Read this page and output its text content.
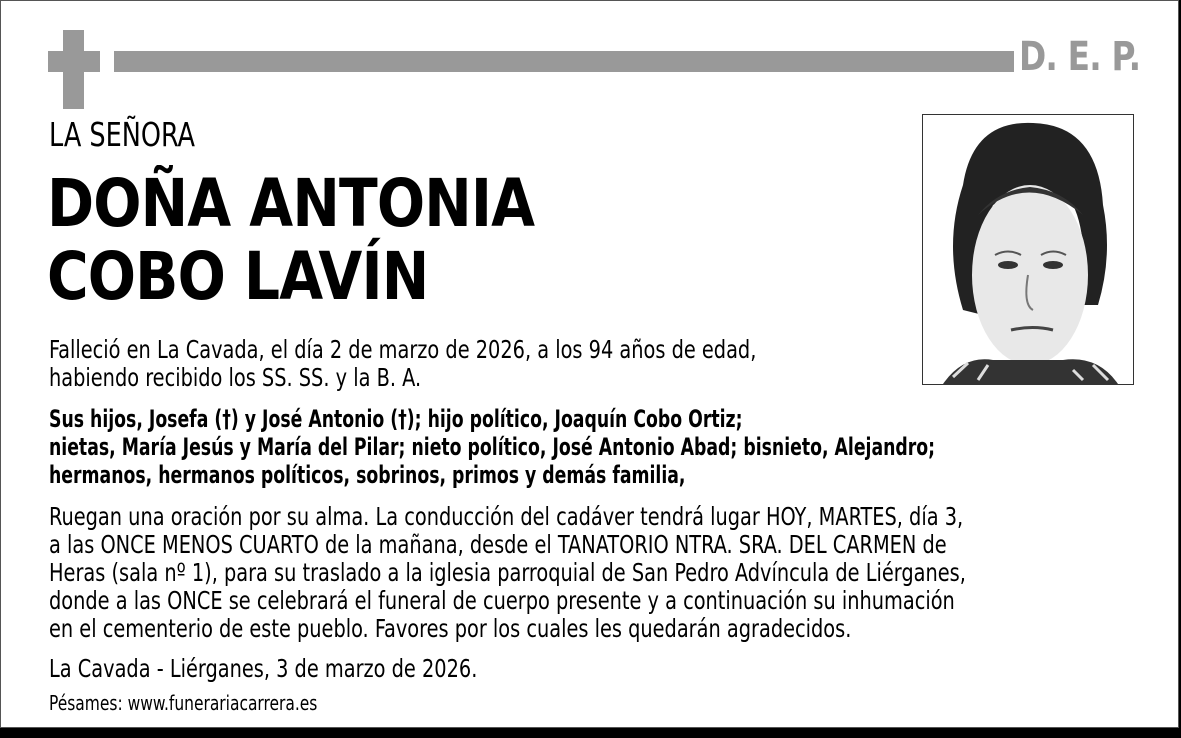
D. E. P.
LA SEÑORA
DOÑA ANTONIA
COBO LAVÍN
Falleció en La Cavada, el día 2 de marzo de 2026, a los 94 años de edad,
habiendo recibido los SS. SS. y la B. A.
Sus hijos, Josefa (†) y José Antonio (†); hijo político, Joaquín Cobo Ortiz;
nietas, María Jesús y María del Pilar; nieto político, José Antonio Abad; bisnieto, Alejandro;
hermanos, hermanos políticos, sobrinos, primos y demás familia,
Ruegan una oración por su alma. La conducción del cadáver tendrá lugar HOY, MARTES, día 3,
a las ONCE MENOS CUARTO de la mañana, desde el TANATORIO NTRA. SRA. DEL CARMEN de
Heras (sala nº 1), para su traslado a la iglesia parroquial de San Pedro Advíncula de Liérganes,
donde a las ONCE se celebrará el funeral de cuerpo presente y a continuación su inhumación
en el cementerio de este pueblo. Favores por los cuales les quedarán agradecidos.
La Cavada - Liérganes, 3 de marzo de 2026.
Pésames: www.funerariacarrera.es
